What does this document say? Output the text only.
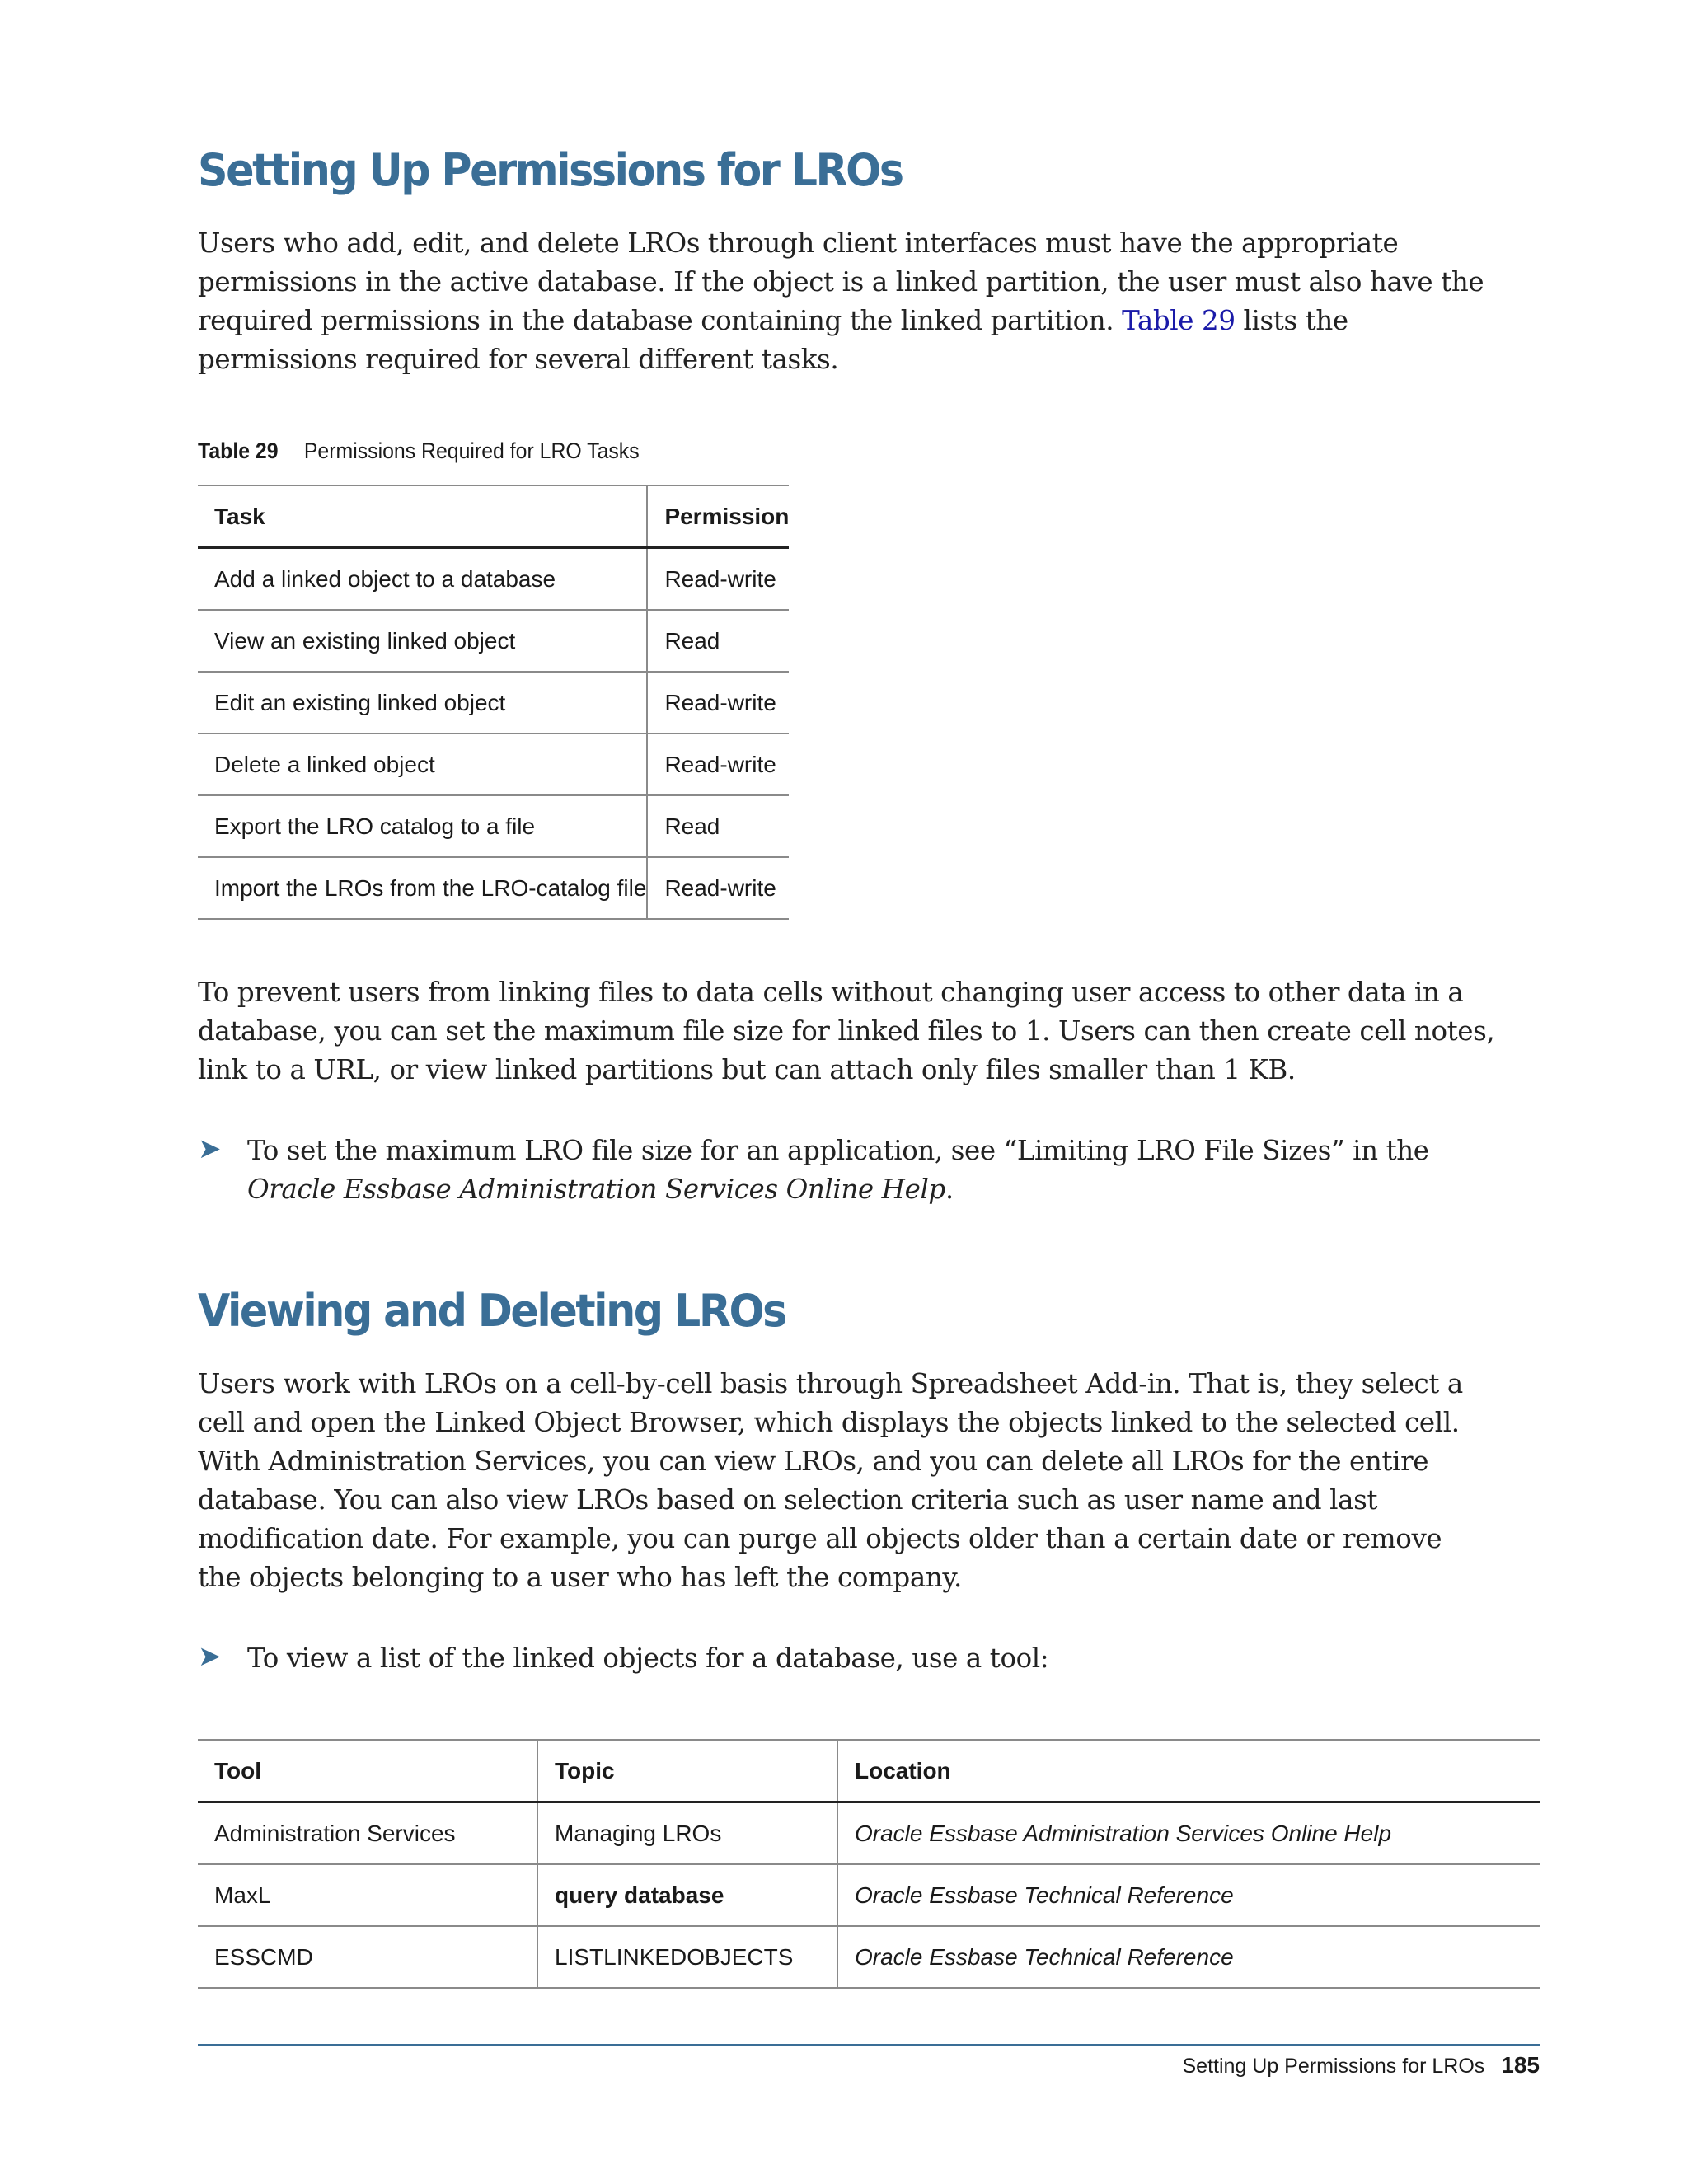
Setting Up Permissions for LROs

Users who add, edit, and delete LROs through client interfaces must have the appropriate
permissions in the active database. If the object is a linked partition, the user must also have the
required permissions in the database containing the linked partition. Table 29 lists the
permissions required for several different tasks.

Table 29 Permissions Required for LRO Tasks
Task	Permission
Add a linked object to a database	Read-write
View an existing linked object	Read
Edit an existing linked object	Read-write
Delete a linked object	Read-write
Export the LRO catalog to a file	Read
Import the LROs from the LRO-catalog file	Read-write

To prevent users from linking files to data cells without changing user access to other data in a
database, you can set the maximum file size for linked files to 1. Users can then create cell notes,
link to a URL, or view linked partitions but can attach only files smaller than 1 KB.

➤ To set the maximum LRO file size for an application, see “Limiting LRO File Sizes” in the
Oracle Essbase Administration Services Online Help.

Viewing and Deleting LROs

Users work with LROs on a cell-by-cell basis through Spreadsheet Add-in. That is, they select a
cell and open the Linked Object Browser, which displays the objects linked to the selected cell.
With Administration Services, you can view LROs, and you can delete all LROs for the entire
database. You can also view LROs based on selection criteria such as user name and last
modification date. For example, you can purge all objects older than a certain date or remove
the objects belonging to a user who has left the company.

➤ To view a list of the linked objects for a database, use a tool:

Tool	Topic	Location
Administration Services	Managing LROs	Oracle Essbase Administration Services Online Help
MaxL	query database	Oracle Essbase Technical Reference
ESSCMD	LISTLINKEDOBJECTS	Oracle Essbase Technical Reference
Setting Up Permissions for LROs 185
